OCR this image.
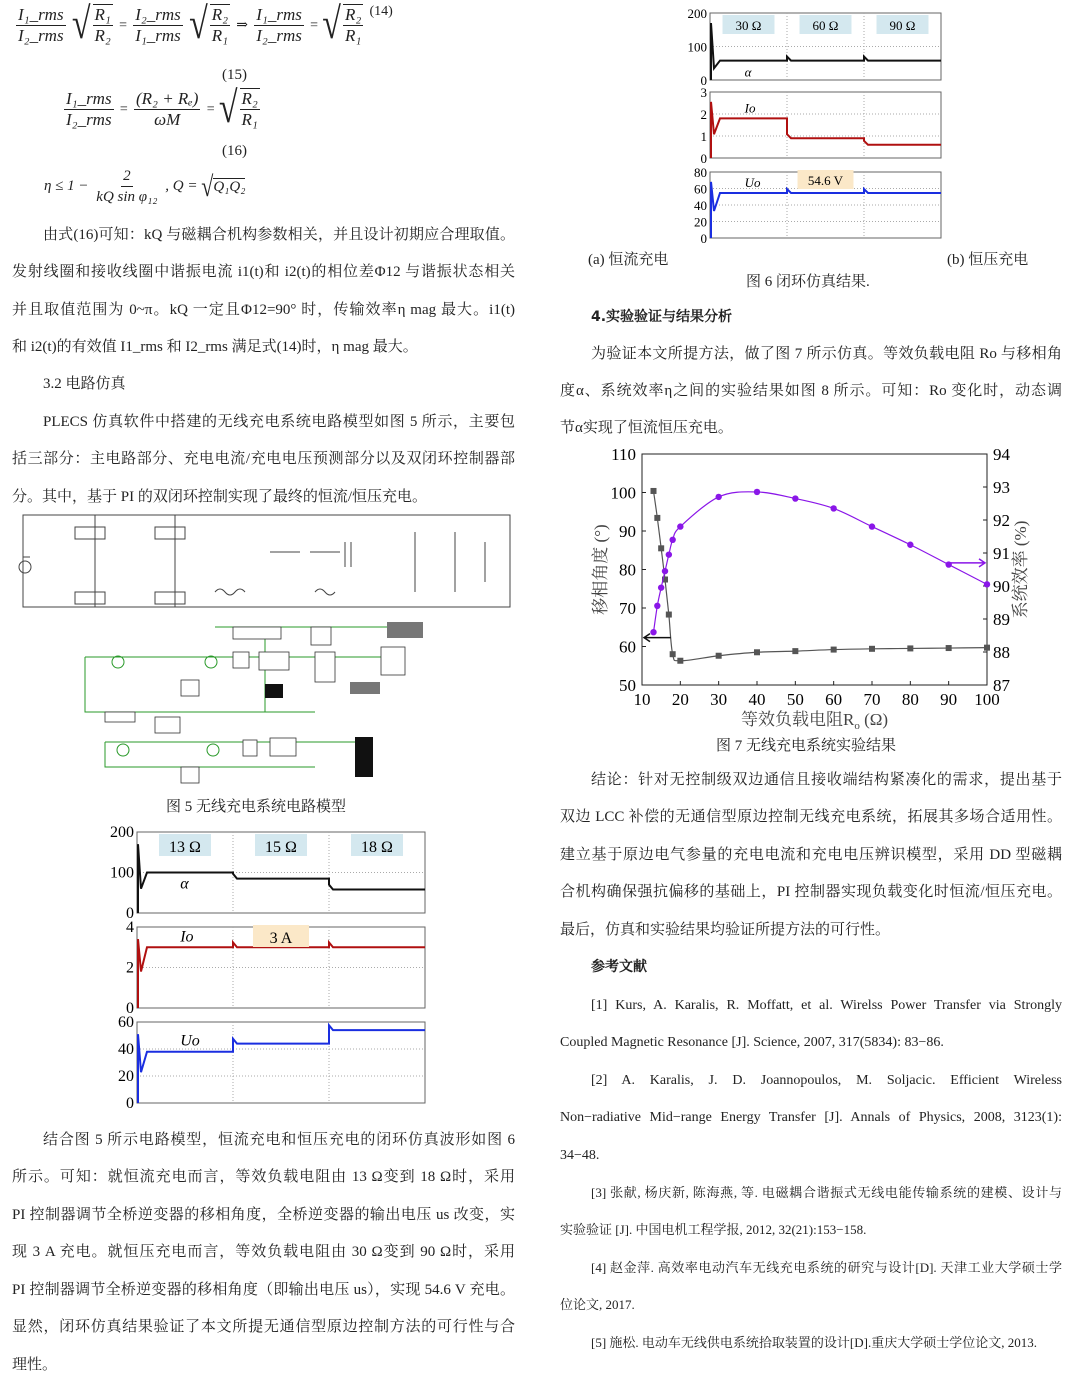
I₁_rms
I₂_rms
√ R₁
R₂
=
I₂_rms
I₁_rms
√ R₂
R₁
⇒
I₁_rms
I₂_rms
= √ R₂
R₁
$^{(14)}$
(15)
I₁_rms
I₂_rms
= $\frac{\text{(R₂ + Rₑ)}}{\omega M}$ = √ R₂
R₁
(16)
$\eta \le 1 - \frac{2}{\text{kQ sin φ₁₂}}$ , Q = √ Q₁Q₂
由式(16)可知：kQ 与磁耦合机构参数相关，并且设计初期应合理取值。
发射线圈和接收线圈中谐振电流 i1(t)和 i2(t)的相位差Φ12 与谐振状态相关
并且取值范围为 0~π。kQ 一定且Φ12=90° 时，传输效率η mag 最大。i1(t)
和 i2(t)的有效值 I1_rms 和 I2_rms 满足式(14)时，η mag 最大。
3.2 电路仿真
PLECS 仿真软件中搭建的无线充电系统电路模型如图 5 所示，主要包
括三部分：主电路部分、充电电流/充电电压预测部分以及双闭环控制器部
分。其中，基于 PI 的双闭环控制实现了最终的恒流/恒压充电。
图 5 无线充电系统电路模型
200
100
0
α
4
2
0
Io
60
40
20
0
Uo
13 Ω	15 Ω	18 Ω
3 A
结合图 5 所示电路模型，恒流充电和恒压充电的闭环仿真波形如图 6
所示。可知：就恒流充电而言，等效负载电阻由 13 Ω变到 18 Ω时，采用
PI 控制器调节全桥逆变器的移相角度，全桥逆变器的输出电压 us 改变，实
现 3 A 充电。就恒压充电而言，等效负载电阻由 30 Ω变到 90 Ω时，采用
PI 控制器调节全桥逆变器的移相角度（即输出电压 us），实现 54.6 V 充电。
显然，闭环仿真结果验证了本文所提无通信型原边控制方法的可行性与合
理性。
200
100
0
α
3
2
1
0
Io
80
60
40
20
0
Uo
30 Ω	60 Ω	90 Ω
54.6 V
(a) 恒流充电	(b) 恒压充电
图 6 闭环仿真结果.
4.实验验证与结果分析
为验证本文所提方法，做了图 7 所示仿真。等效负载电阻 Ro 与移相角
度α、系统效率η之间的实验结果如图 8 所示。可知：Ro 变化时，动态调
节α实现了恒流恒压充电。
10 20 30 40 50 60 70 80 90 100
50
60
70
80
90
100
110
87
88
89
90
91
92
93
94
等效负载电阻$R_o$ (Ω)
移相角度 (°)	系统效率 (%)
图 7 无线充电系统实验结果
结论：针对无控制级双边通信且接收端结构紧凑化的需求，提出基于
双边 LCC 补偿的无通信型原边控制无线充电系统，拓展其多场合适用性。
建立基于原边电气参量的充电电流和充电电压辨识模型，采用 DD 型磁耦
合机构确保强抗偏移的基础上，PI 控制器实现负载变化时恒流/恒压充电。
最后，仿真和实验结果均验证所提方法的可行性。
参考文献
[1] Kurs, A. Karalis, R. Moffatt, et al. Wirelss Power Transfer via Strongly
Coupled Magnetic Resonance [J]. Science, 2007, 317(5834): 83−86.
[2] A. Karalis, J. D. Joannopoulos, M. Soljacic. Efficient Wireless
Non−radiative Mid−range Energy Transfer [J]. Annals of Physics, 2008, 3123(1):
34−48.
[3] 张献, 杨庆新, 陈海燕, 等. 电磁耦合谐振式无线电能传输系统的建模、设计与
实验验证 [J]. 中国电机工程学报, 2012, 32(21):153−158.
[4] 赵金萍. 高效率电动汽车无线充电系统的研究与设计[D]. 天津工业大学硕士学
位论文, 2017.
[5] 施松. 电动车无线供电系统拾取装置的设计[D].重庆大学硕士学位论文, 2013.
